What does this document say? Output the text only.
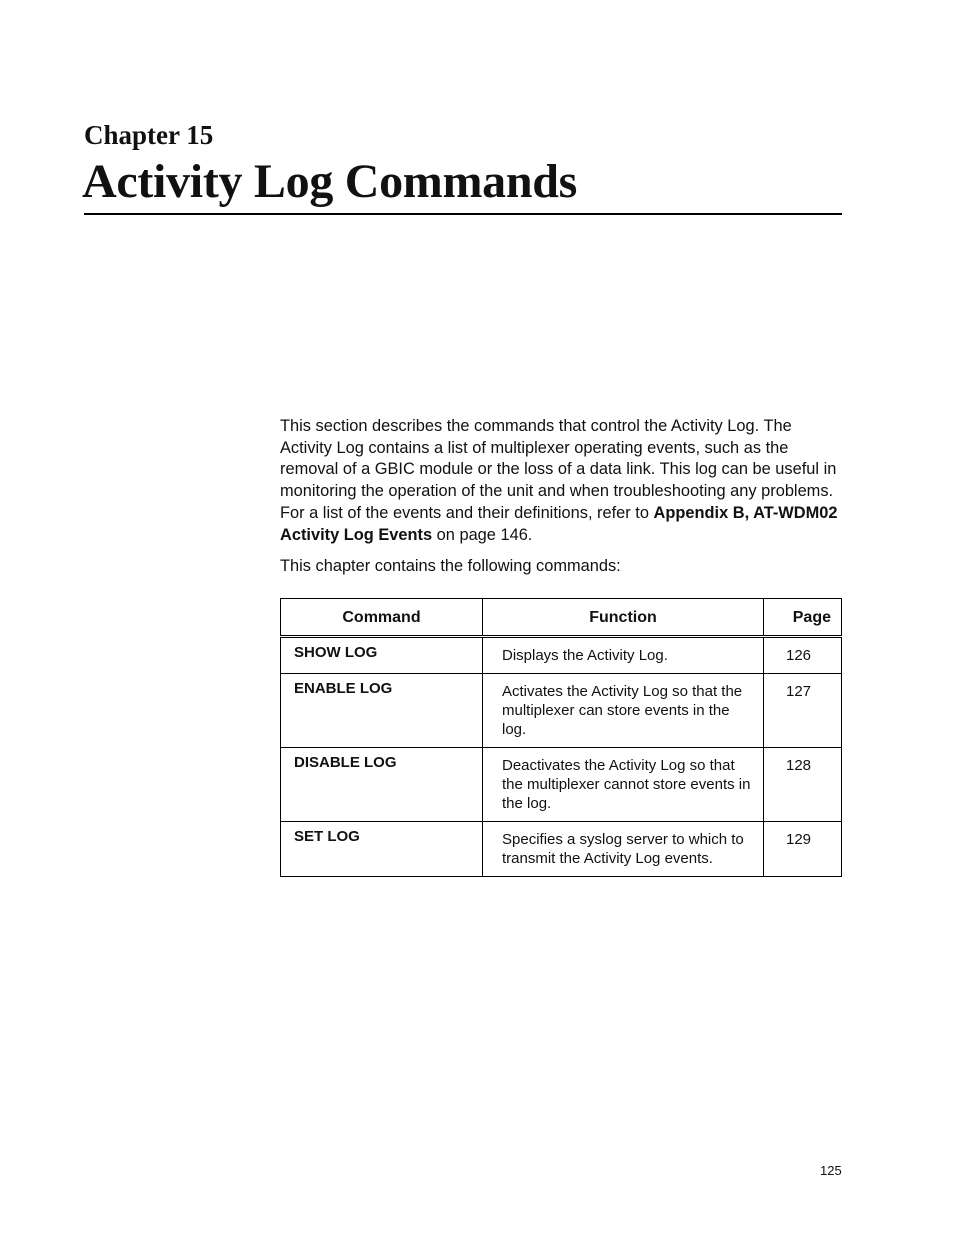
Chapter 15
Activity Log Commands

This section describes the commands that control the Activity Log. The Activity Log contains a list of multiplexer operating events, such as the removal of a GBIC module or the loss of a data link. This log can be useful in monitoring the operation of the unit and when troubleshooting any problems. For a list of the events and their definitions, refer to Appendix B, AT-WDM02 Activity Log Events on page 146.

This chapter contains the following commands:

Command	Function	Page
SHOW LOG	Displays the Activity Log.	126
ENABLE LOG	Activates the Activity Log so that the multiplexer can store events in the log.	127
DISABLE LOG	Deactivates the Activity Log so that the multiplexer cannot store events in the log.	128
SET LOG	Specifies a syslog server to which to transmit the Activity Log events.	129

125
